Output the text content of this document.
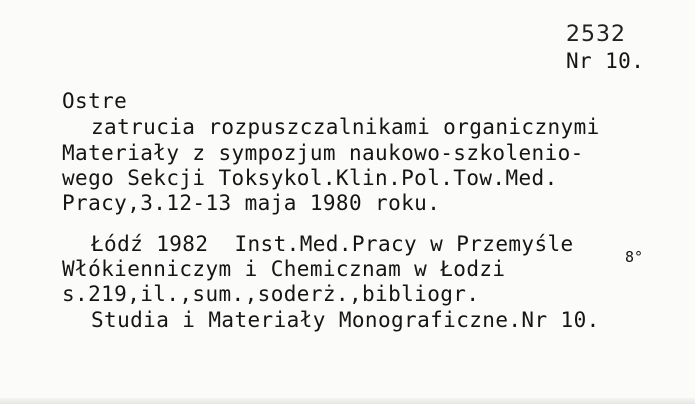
2532

Nr 10.

Ostre

zatrucia rozpuszczalnikami organicznymi

Materiały z sympozjum naukowo-szkolenio-

wego Sekcji Toksykol.Klin.Pol.Tow.Med.

Pracy,3.12-13 maja 1980 roku.

Łódź 1982  Inst.Med.Pracy w Przemyśle

Włókienniczym i Chemicznam w Łodzi

	8°

s.219,il.,sum.,soderż.,bibliogr.

Studia i Materiały Monograficzne.Nr 10.
